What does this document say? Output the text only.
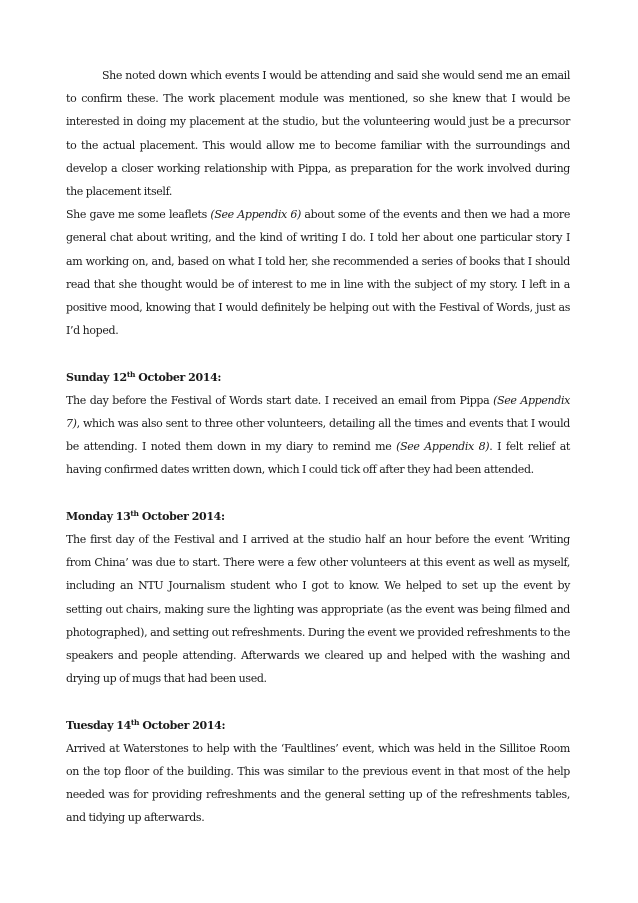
She noted down which events I would be attending and said she would send me an email to confirm these. The work placement module was mentioned, so she knew that I would be interested in doing my placement at the studio, but the volunteering would just be a precursor to the actual placement. This would allow me to become familiar with the surroundings and develop a closer working relationship with Pippa, as preparation for the work involved during the placement itself.

She gave me some leaflets (See Appendix 6) about some of the events and then we had a more general chat about writing, and the kind of writing I do. I told her about one particular story I am working on, and, based on what I told her, she recommended a series of books that I should read that she thought would be of interest to me in line with the subject of my story. I left in a positive mood, knowing that I would definitely be helping out with the Festival of Words, just as I’d hoped.

Sunday 12th October 2014:

The day before the Festival of Words start date. I received an email from Pippa (See Appendix 7), which was also sent to three other volunteers, detailing all the times and events that I would be attending. I noted them down in my diary to remind me (See Appendix 8). I felt relief at having confirmed dates written down, which I could tick off after they had been attended.

Monday 13th October 2014:

The first day of the Festival and I arrived at the studio half an hour before the event ‘Writing from China’ was due to start. There were a few other volunteers at this event as well as myself, including an NTU Journalism student who I got to know. We helped to set up the event by setting out chairs, making sure the lighting was appropriate (as the event was being filmed and photographed), and setting out refreshments. During the event we provided refreshments to the speakers and people attending. Afterwards we cleared up and helped with the washing and drying up of mugs that had been used.

Tuesday 14th October 2014:

Arrived at Waterstones to help with the ‘Faultlines’ event, which was held in the Sillitoe Room on the top floor of the building. This was similar to the previous event in that most of the help needed was for providing refreshments and the general setting up of the refreshments tables, and tidying up afterwards.
